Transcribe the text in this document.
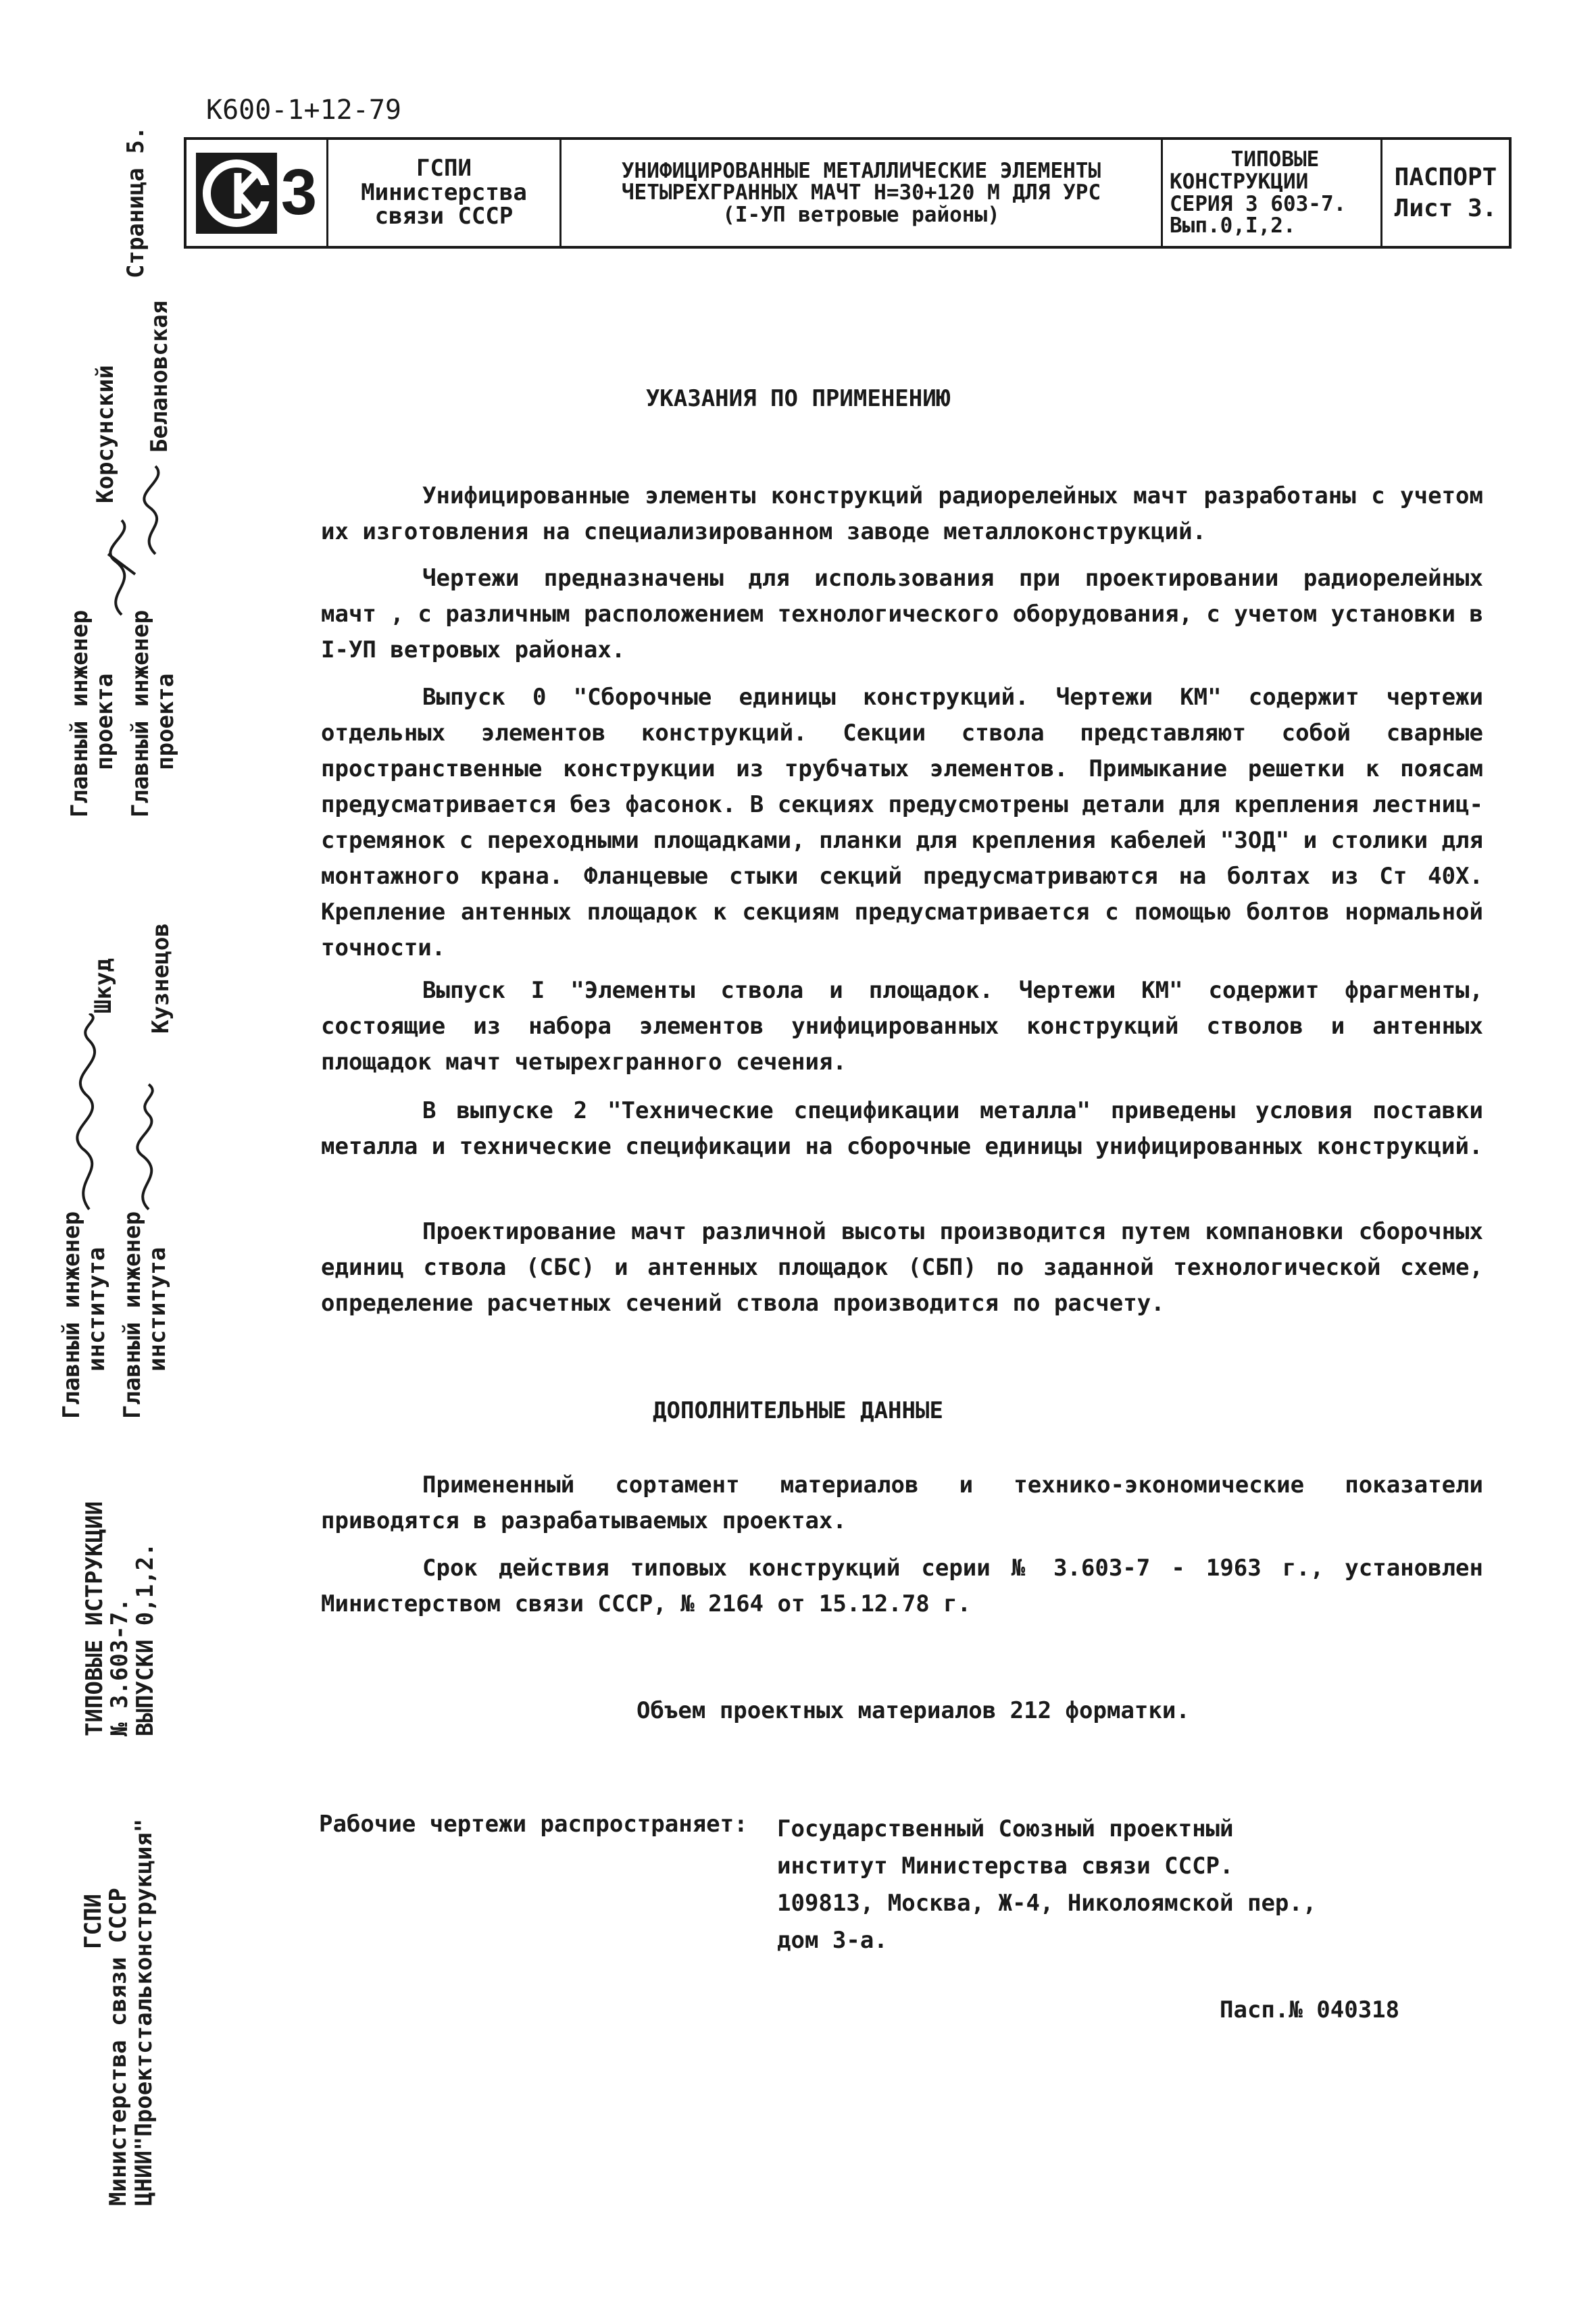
К600-1+12-79
3	ГСПИ
Министерства
связи СССР
УНИФИЦИРОВАННЫЕ МЕТАЛЛИЧЕСКИЕ ЭЛЕМЕНТЫ
ЧЕТЫРЕХГРАННЫХ МАЧТ Н=30+120 М ДЛЯ УРС
(I-УП ветровые районы)
ТИПОВЫЕ
КОНСТРУКЦИИ
СЕРИЯ 3 603-7.
Вып.0,I,2.
ПАСПОРТ
Лист 3.
Страница 5.
Главный инженер
проекта
Корсунский
Главный инженер
проекта
Белановская
Главный инженер
института
Шкуд
Главный инженер
института
Кузнецов
ТИПОВЫЕ ИСТРУКЦИИ
№ 3.603-7.
ВЫПУСКИ 0,1,2.
ГСПИ
Министерства связи СССР
ЦНИИ"Проектстальконструкция"
УКАЗАНИЯ ПО ПРИМЕНЕНИЮ
Унифицированные элементы конструкций радиорелейных мачт разработаны с учетом их изготовления на специализированном заводе металлоконструкций.
Чертежи предназначены для использования при проектировании радиорелейных мачт , с различным расположением технологического оборудования, с учетом установки в I-УП ветровых районах.
Выпуск 0 "Сборочные единицы конструкций. Чертежи КМ" содержит чертежи отдельных элементов конструкций. Секции ствола представляют собой сварные пространственные конструкции из трубчатых элементов. Примыкание решетки к поясам предусматривается без фасонок. В секциях предусмотрены детали для крепления лестниц-стремянок с переходными площадками, планки для крепления кабелей "ЗОД" и столики для монтажного крана. Фланцевые стыки секций предусматриваются на болтах из Ст 40Х. Крепление антенных площадок к секциям предусматривается с помощью болтов нормальной точности.
Выпуск I "Элементы ствола и площадок. Чертежи КМ" содержит фрагменты, состоящие из набора элементов унифицированных конструкций стволов и антенных площадок мачт четырехгранного сечения.
В выпуске 2 "Технические спецификации металла" приведены условия поставки металла и технические спецификации на сборочные единицы унифицированных конструкций.
Проектирование мачт различной высоты производится путем компановки сборочных единиц ствола (СБС) и антенных площадок (СБП) по заданной технологической схеме, определение расчетных сечений ствола производится по расчету.
ДОПОЛНИТЕЛЬНЫЕ ДАННЫЕ
Примененный сортамент материалов и технико-экономические показатели приводятся в разрабатываемых проектах.
Срок действия типовых конструкций серии № 3.603-7 - 1963 г., установлен Министерством связи СССР, № 2164 от 15.12.78 г.
Объем проектных материалов 212 форматки.
Рабочие чертежи распространяет: Государственный Союзный проектный институт Министерства связи СССР. 109813, Москва, Ж-4, Николоямской пер., дом 3-а.
Пасп.№ 040318
